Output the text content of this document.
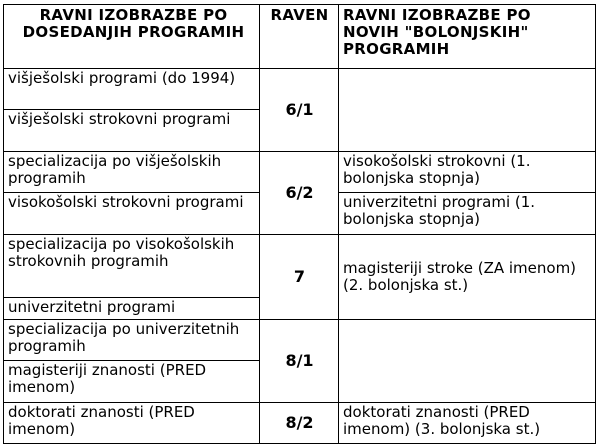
RAVNI IZOBRAZBE PO DOSEDANJIH PROGRAMIH	RAVEN	RAVNI IZOBRAZBE PO NOVIH "BOLONJSKIH" PROGRAMIH
višješolski programi (do 1994)	6/1	
višješolski strokovni programi		
specializacija po višješolskih programih	6/2	visokošolski strokovni (1. bolonjska stopnja)
visokošolski strokovni programi		univerzitetni programi (1. bolonjska stopnja)
specializacija po visokošolskih strokovnih programih	7	magisteriji stroke (ZA imenom) (2. bolonjska st.)
univerzitetni programi		
specializacija po univerzitetnih programih	8/1	
magisteriji znanosti (PRED imenom)		
doktorati znanosti (PRED imenom)	8/2	doktorati znanosti (PRED imenom) (3. bolonjska st.)
